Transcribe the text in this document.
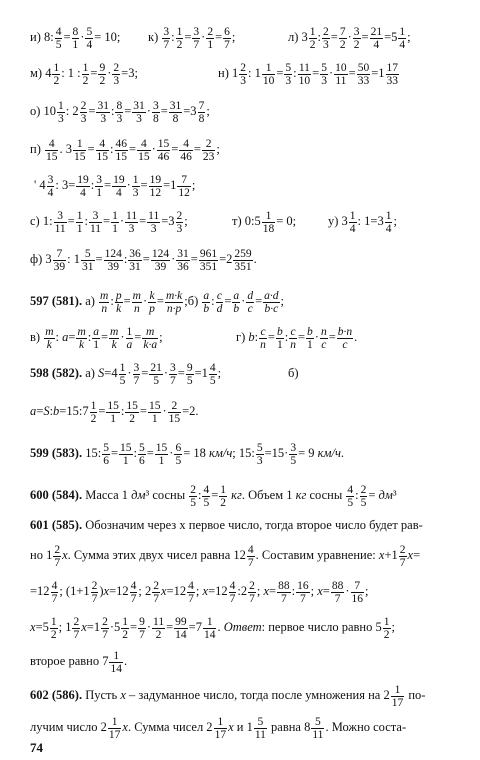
и) 8: $\frac{4}{5} = \frac{8}{1} \cdot \frac{5}{4} = 10$; $к) \frac{3}{7}$ : $\frac{1}{2} = \frac{3}{7} \cdot \frac{2}{1} = \frac{6}{7}$ ;	л) $3 \frac{1}{2}$ : $\frac{2}{3} = \frac{7}{2} \cdot \frac{3}{2} = \frac{21}{4} =5 \frac{1}{4}$ ;
м) $4 \frac{1}{2}$ : 1 : $\frac{1}{2} = \frac{9}{2} \cdot \frac{2}{3} =3$;	н) $1 \frac{2}{3}$ : $1 \frac{1}{10} = \frac{5}{3}$ : $\frac{11}{10} = \frac{5}{3} \cdot \frac{10}{11} = \frac{50}{33} =1 \frac{17}{33}$
о) $10 \frac{1}{3}$ : $2 \frac{2}{3} = \frac{31}{3}$ : $\frac{8}{3} = \frac{31}{3} \cdot \frac{3}{8} = \frac{31}{8} =3 \frac{7}{8}$ ;
$п) \frac{4}{15}$ . $3 \frac{1}{15} = \frac{4}{15}$ : $\frac{46}{15} = \frac{4}{15} \cdot \frac{15}{46} = \frac{4}{46} = \frac{2}{23}$ ;
' $4 \frac{3}{4}$ : $3= \frac{19}{4}$ : $\frac{3}{1} = \frac{19}{4} \cdot \frac{1}{3} = \frac{19}{12} =1 \frac{7}{12}$ ;
с) 1: $\frac{3}{11} = \frac{1}{1}$ : $\frac{3}{11} = \frac{1}{1} \cdot \frac{11}{3} = \frac{11}{3} =3 \frac{2}{3}$ ;	т) 0:5 $\frac{1}{18} = 0$;	у) $3 \frac{1}{4}$ : $1=3 \frac{1}{4}$ ;
ф) $3 \frac{7}{39}$ : $1 \frac{5}{31} = \frac{124}{39}$ : $\frac{36}{31} = \frac{124}{39} \cdot \frac{31}{36} = \frac{961}{351} =2 \frac{259}{351}$ .
597 (581). $а) \frac{m}{n}$ : $\frac{p}{k} = \frac{m}{n} \cdot \frac{k}{p} = \frac{m\cdot k}{n\cdot p}$ ;б) $\frac{a}{b}$ : $\frac{c}{d} = \frac{a}{b} \cdot \frac{d}{c} = \frac{a\cdot d}{b\cdot c}$ ;
$в) \frac{m}{k}$ : $a= \frac{m}{k}$ : $\frac{a}{1} = \frac{m}{k} \cdot \frac{1}{a} = \frac{m}{k\cdot a}$ ;	г) b: $\frac{c}{n} = \frac{b}{1}$ : $\frac{c}{n} = \frac{b}{1} \cdot \frac{n}{c} = \frac{b\cdot n}{c}$ .
598 (582). а) $S=4 \frac{1}{5} \cdot \frac{3}{7} = \frac{21}{5} \cdot \frac{3}{7} = \frac{9}{5} =1 \frac{4}{5}$ ;	б)
a=S:b=15:7 $\frac{1}{2} = \frac{15}{1}$ : $\frac{15}{2} = \frac{15}{1} \cdot \frac{2}{15} =2$.
599 (583). 15: $\frac{5}{6} = \frac{15}{1}$ : $\frac{5}{6} = \frac{15}{1} \cdot \frac{6}{5} = 18$ км/ч; 15: $\frac{5}{3} =15\cdot \frac{3}{5} = 9$ км/ч.
600 (584). Масса 1 дм³ сосны $\frac{2}{5}$ : $\frac{4}{5} = \frac{1}{2}$ кг. Объем 1 кг сосны $\frac{4}{5}$ : $\frac{2}{5} = дм^3$
601 (585). Обозначим через x первое число, тогда второе число будет рав-
но $1 \frac{2}{7} x$. Сумма этих двух чисел равна $12 \frac{4}{7}$ . Составим уравнение: $x+1 \frac{2}{7} x=$
$=12 \frac{4}{7}$ ; $(1+1 \frac{2}{7} )x=12 \frac{4}{7}$ ; $2 \frac{2}{7} x=12 \frac{4}{7}$ ; $x=12 \frac{4}{7}$ :2 $\frac{2}{7}$ ; $x= \frac{88}{7}$ : $\frac{16}{7}$ ; $x= \frac{88}{7} \cdot \frac{7}{16}$ ;
$x=5 \frac{1}{2}$ ; $1 \frac{2}{7} x=1 \frac{2}{7} \cdot 5 \frac{1}{2} = \frac{9}{7} \cdot \frac{11}{2} = \frac{99}{14} =7 \frac{1}{14}$ . Ответ: первое число равно $5 \frac{1}{2}$ ;
второе равно $7 \frac{1}{14}$ .
602 (586). Пусть x – задуманное число, тогда после умножения на $2 \frac{1}{17} по-$
лучим число $2 \frac{1}{17} x$. Сумма чисел $2 \frac{1}{17}$ x и $1 \frac{5}{11}$ равна $8 \frac{5}{11}$ . Можно соста-
74
